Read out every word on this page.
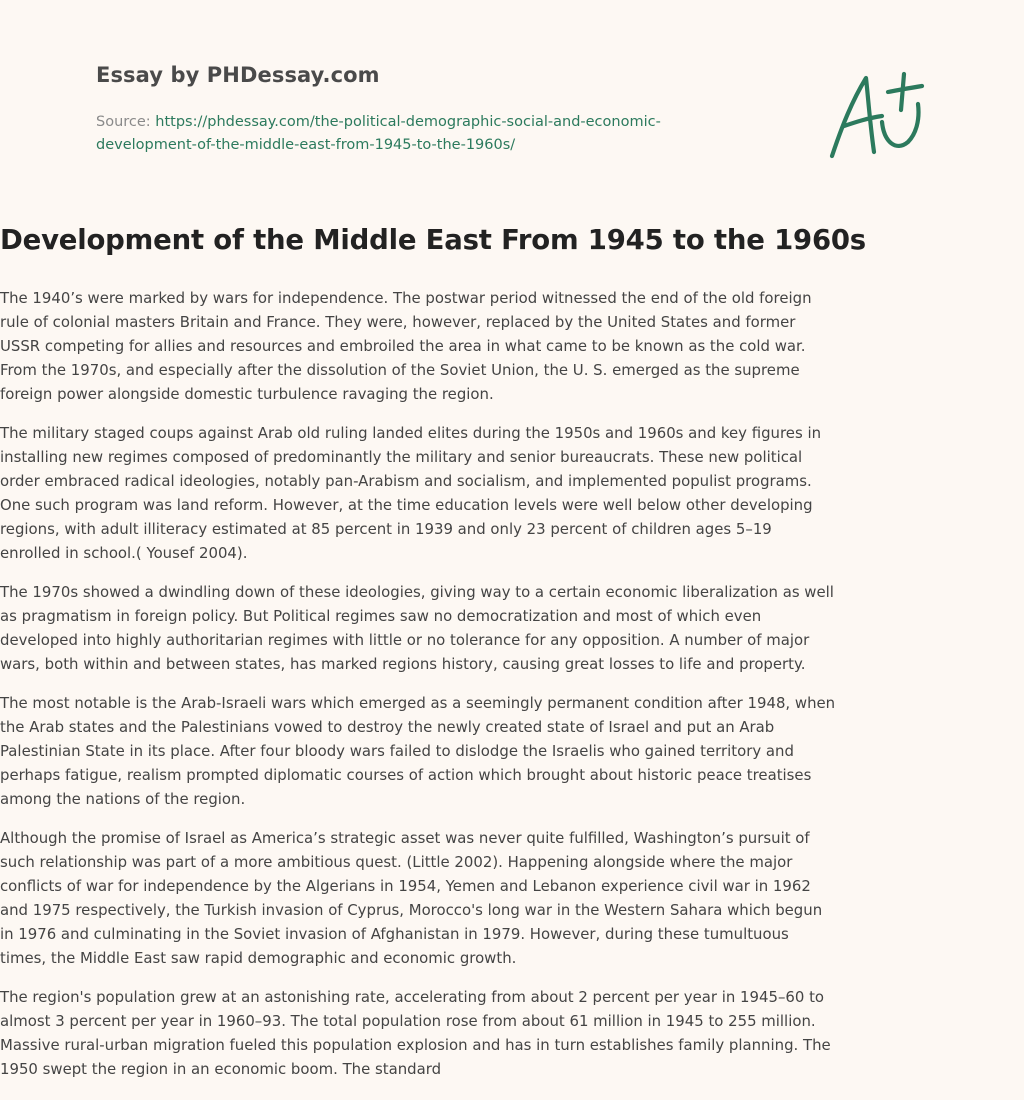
Essay by PHDessay.com
Source: https://phdessay.com/the-political-demographic-social-and-economic-
development-of-the-middle-east-from-1945-to-the-1960s/
Development of the Middle East From 1945 to the 1960s

The 1940’s were marked by wars for independence. The postwar period witnessed the end of the old foreign rule of colonial masters Britain and France. They were, however, replaced by the United States and former USSR competing for allies and resources and embroiled the area in what came to be known as the cold war. From the 1970s, and especially after the dissolution of the Soviet Union, the U. S. emerged as the supreme foreign power alongside domestic turbulence ravaging the region.

The military staged coups against Arab old ruling landed elites during the 1950s and 1960s and key figures in installing new regimes composed of predominantly the military and senior bureaucrats. These new political order embraced radical ideologies, notably pan-Arabism and socialism, and implemented populist programs. One such program was land reform. However, at the time education levels were well below other developing regions, with adult illiteracy estimated at 85 percent in 1939 and only 23 percent of children ages 5–19 enrolled in school.( Yousef 2004).

The 1970s showed a dwindling down of these ideologies, giving way to a certain economic liberalization as well as pragmatism in foreign policy. But Political regimes saw no democratization and most of which even developed into highly authoritarian regimes with little or no tolerance for any opposition. A number of major wars, both within and between states, has marked regions history, causing great losses to life and property.

The most notable is the Arab-Israeli wars which emerged as a seemingly permanent condition after 1948, when the Arab states and the Palestinians vowed to destroy the newly created state of Israel and put an Arab Palestinian State in its place. After four bloody wars failed to dislodge the Israelis who gained territory and perhaps fatigue, realism prompted diplomatic courses of action which brought about historic peace treatises among the nations of the region.

Although the promise of Israel as America’s strategic asset was never quite fulfilled, Washington’s pursuit of such relationship was part of a more ambitious quest. (Little 2002). Happening alongside where the major conflicts of war for independence by the Algerians in 1954, Yemen and Lebanon experience civil war in 1962 and 1975 respectively, the Turkish invasion of Cyprus, Morocco's long war in the Western Sahara which begun in 1976 and culminating in the Soviet invasion of Afghanistan in 1979. However, during these tumultuous times, the Middle East saw rapid demographic and economic growth.

The region's population grew at an astonishing rate, accelerating from about 2 percent per year in 1945–60 to almost 3 percent per year in 1960–93. The total population rose from about 61 million in 1945 to 255 million. Massive rural-urban migration fueled this population explosion and has in turn establishes family planning. The 1950 swept the region in an economic boom. The standard
